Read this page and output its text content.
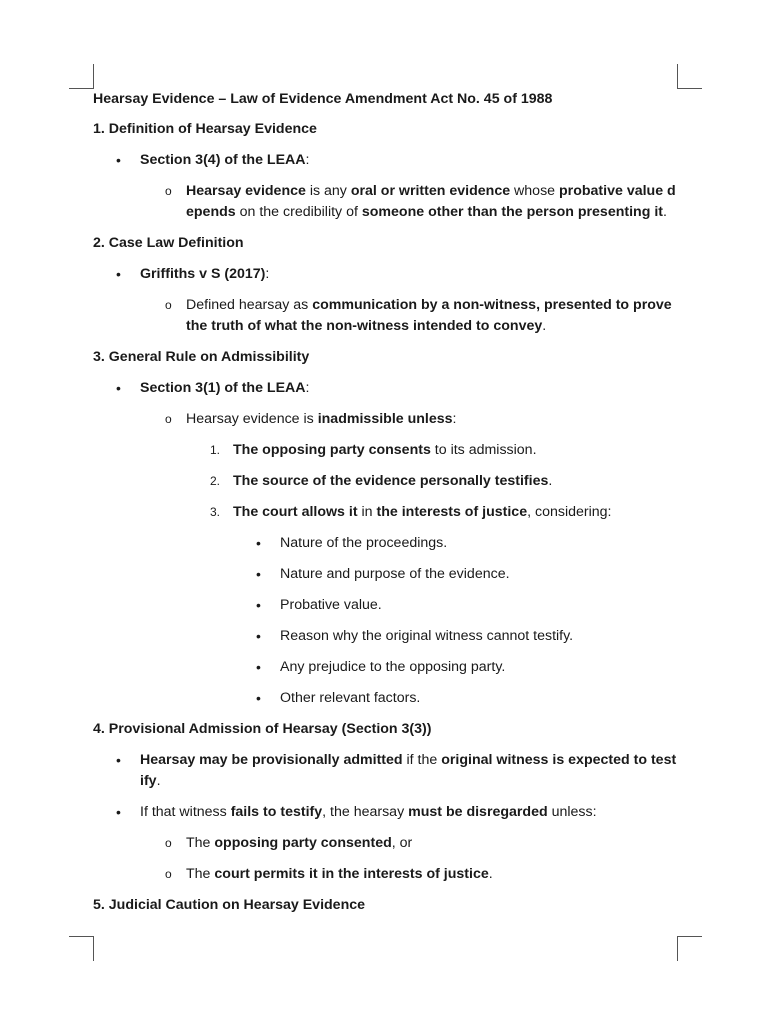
Hearsay Evidence – Law of Evidence Amendment Act No. 45 of 1988

1. Definition of Hearsay Evidence

• Section 3(4) of the LEAA:

o Hearsay evidence is any oral or written evidence whose probative value depends on the credibility of someone other than the person presenting it.

2. Case Law Definition

• Griffiths v S (2017):

o Defined hearsay as communication by a non-witness, presented to prove the truth of what the non-witness intended to convey.

3. General Rule on Admissibility

• Section 3(1) of the LEAA:

o Hearsay evidence is inadmissible unless:

1. The opposing party consents to its admission.

2. The source of the evidence personally testifies.

3. The court allows it in the interests of justice, considering:

• Nature of the proceedings.

• Nature and purpose of the evidence.

• Probative value.

• Reason why the original witness cannot testify.

• Any prejudice to the opposing party.

• Other relevant factors.

4. Provisional Admission of Hearsay (Section 3(3))

• Hearsay may be provisionally admitted if the original witness is expected to testify.

• If that witness fails to testify, the hearsay must be disregarded unless:

o The opposing party consented, or

o The court permits it in the interests of justice.

5. Judicial Caution on Hearsay Evidence
